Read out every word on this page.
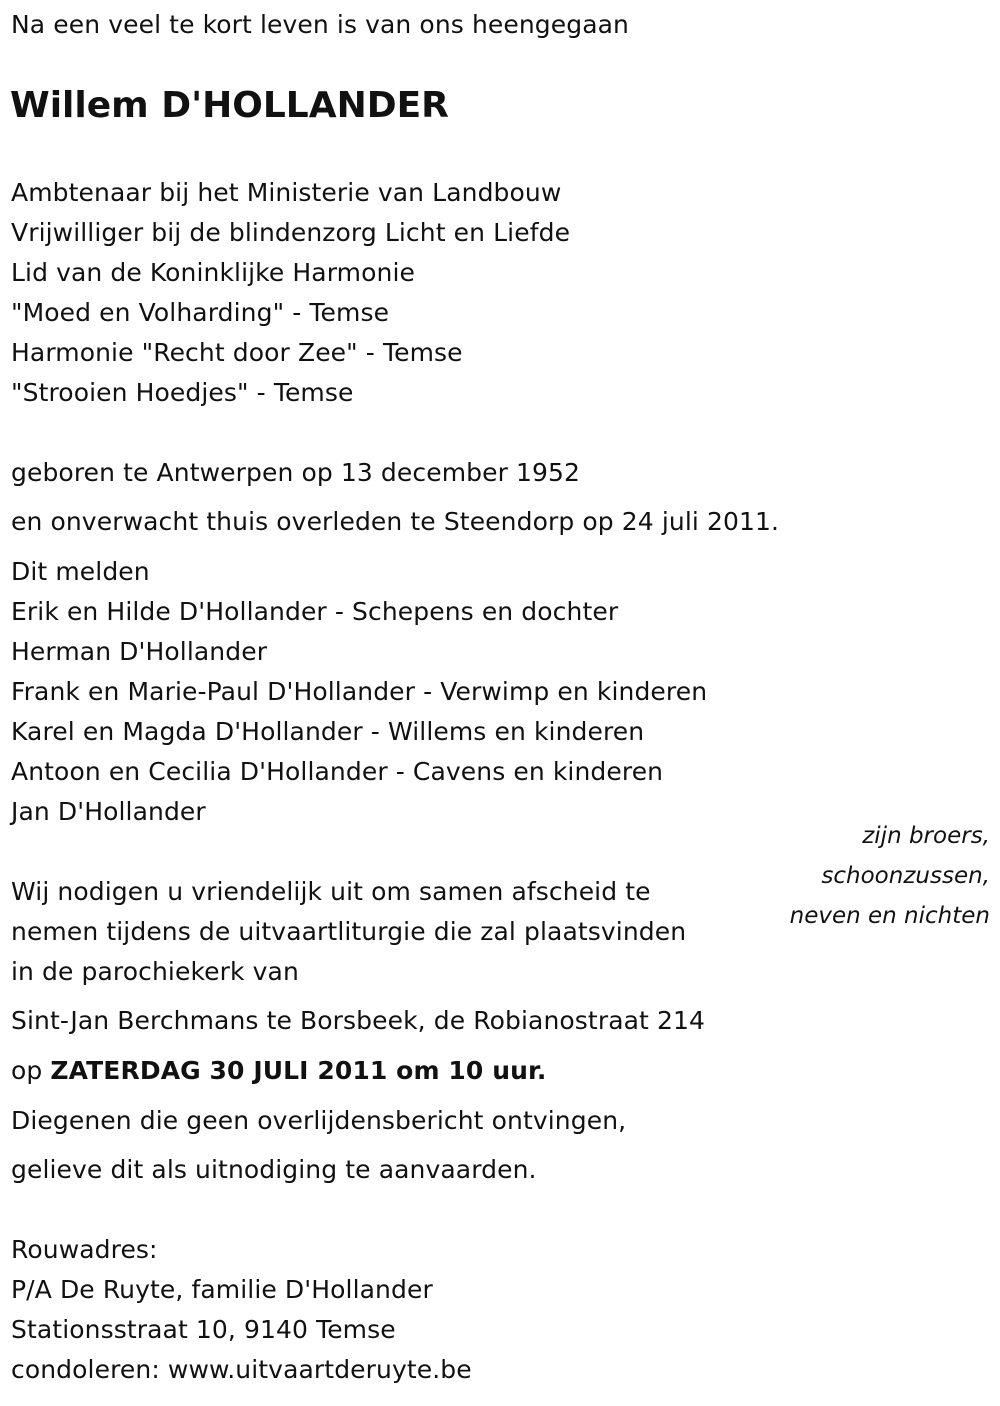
Na een veel te kort leven is van ons heengegaan
Willem D'HOLLANDER
Ambtenaar bij het Ministerie van Landbouw
Vrijwilliger bij de blindenzorg Licht en Liefde
Lid van de Koninklijke Harmonie
"Moed en Volharding" - Temse
Harmonie "Recht door Zee" - Temse
"Strooien Hoedjes" - Temse
geboren te Antwerpen op 13 december 1952
en onverwacht thuis overleden te Steendorp op 24 juli 2011.
Dit melden
Erik en Hilde D'Hollander - Schepens en dochter
Herman D'Hollander
Frank en Marie-Paul D'Hollander - Verwimp en kinderen
Karel en Magda D'Hollander - Willems en kinderen
Antoon en Cecilia D'Hollander - Cavens en kinderen
Jan D'Hollander
zijn broers,
schoonzussen,
neven en nichten
Wij nodigen u vriendelijk uit om samen afscheid te
nemen tijdens de uitvaartliturgie die zal plaatsvinden
in de parochiekerk van
Sint-Jan Berchmans te Borsbeek, de Robianostraat 214
op ZATERDAG 30 JULI 2011 om 10 uur.
Diegenen die geen overlijdensbericht ontvingen,
gelieve dit als uitnodiging te aanvaarden.
Rouwadres:
P/A De Ruyte, familie D'Hollander
Stationsstraat 10, 9140 Temse
condoleren: www.uitvaartderuyte.be
